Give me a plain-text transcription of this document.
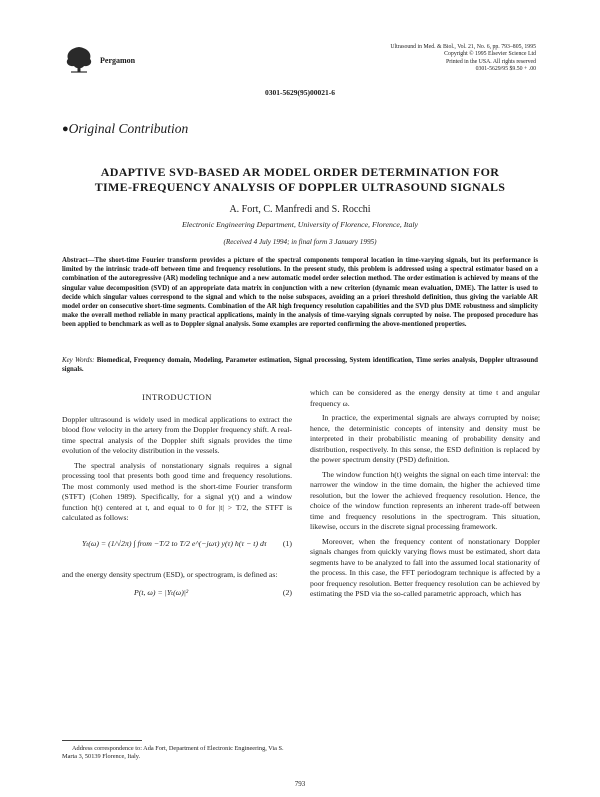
Pergamon
Ultrasound in Med. & Biol., Vol. 21, No. 6, pp. 793–805, 1995
Copyright © 1995 Elsevier Science Ltd
Printed in the USA. All rights reserved
0301-5629/95 $9.50 + .00
0301-5629(95)00021-6
●Original Contribution
ADAPTIVE SVD-BASED AR MODEL ORDER DETERMINATION FOR
TIME-FREQUENCY ANALYSIS OF DOPPLER ULTRASOUND SIGNALS
A. Fort, C. Manfredi and S. Rocchi
Electronic Engineering Department, University of Florence, Florence, Italy
(Received 4 July 1994; in final form 3 January 1995)
Abstract—The short-time Fourier transform provides a picture of the spectral components temporal location in time-varying signals, but its performance is limited by the intrinsic trade-off between time and frequency resolutions. In the present study, this problem is addressed using a spectral estimator based on a combination of the autoregressive (AR) modeling technique and a new automatic model order selection method. The order estimation is achieved by means of the singular value decomposition (SVD) of an appropriate data matrix in conjunction with a new criterion (dynamic mean evaluation, DME). The latter is used to decide which singular values correspond to the signal and which to the noise subspaces, avoiding an a priori threshold definition, thus giving the variable AR model order on consecutive short-time segments. Combination of the AR high frequency resolution capabilities and the SVD plus DME robustness and simplicity make the overall method reliable in many practical applications, mainly in the analysis of time-varying signals corrupted by noise. The proposed procedure has been applied to benchmark as well as to Doppler signal analysis. Some examples are reported confirming the above-mentioned properties.
Key Words: Biomedical, Frequency domain, Modeling, Parameter estimation, Signal processing, System identification, Time series analysis, Doppler ultrasound signals.
INTRODUCTION

Doppler ultrasound is widely used in medical applications to extract the blood flow velocity in the artery from the Doppler frequency shift. A real-time spectral analysis of the Doppler shift signals provides the time evolution of the velocity distribution in the vessels.

The spectral analysis of nonstationary signals requires a signal processing tool that presents both good time and frequency resolutions. The most commonly used method is the short-time Fourier transform (STFT) (Cohen 1989). Specifically, for a signal y(t) and a window function h(t) centered at t, and equal to 0 for |t| > T/2, the STFT is calculated as follows:

Yₜ(ω) = (1/√2π) ∫ from −T/2 to T/2 e^(−jωτ) y(τ) h(τ − t) dτ (1)

and the energy density spectrum (ESD), or spectrogram, is defined as:

P(t, ω) = |Yₜ(ω)|²	(2)

which can be considered as the energy density at time t and angular frequency ω.

In practice, the experimental signals are always corrupted by noise; hence, the deterministic concepts of intensity and density must be interpreted in their probabilistic meaning of probability density and distribution, respectively. In this sense, the ESD definition is replaced by the power spectrum density (PSD) definition.

The window function h(t) weights the signal on each time interval: the narrower the window in the time domain, the higher the achieved time resolution, but the lower the achieved frequency resolution. Hence, the choice of the window function represents an inherent trade-off between time and frequency resolutions in the spectrogram. This situation, likewise, occurs in the discrete signal processing framework.

Moreover, when the frequency content of nonstationary Doppler signals changes from quickly varying flows must be estimated, short data segments have to be analyzed to fall into the assumed local stationarity of the process. In this case, the FFT periodogram technique is affected by a poor frequency resolution. Better frequency resolution can be achieved by estimating the PSD via the so-called parametric approach, which has

Address correspondence to: Ada Fort, Department of Electronic Engineering, Via S. Marta 3, 50139 Florence, Italy.
793
